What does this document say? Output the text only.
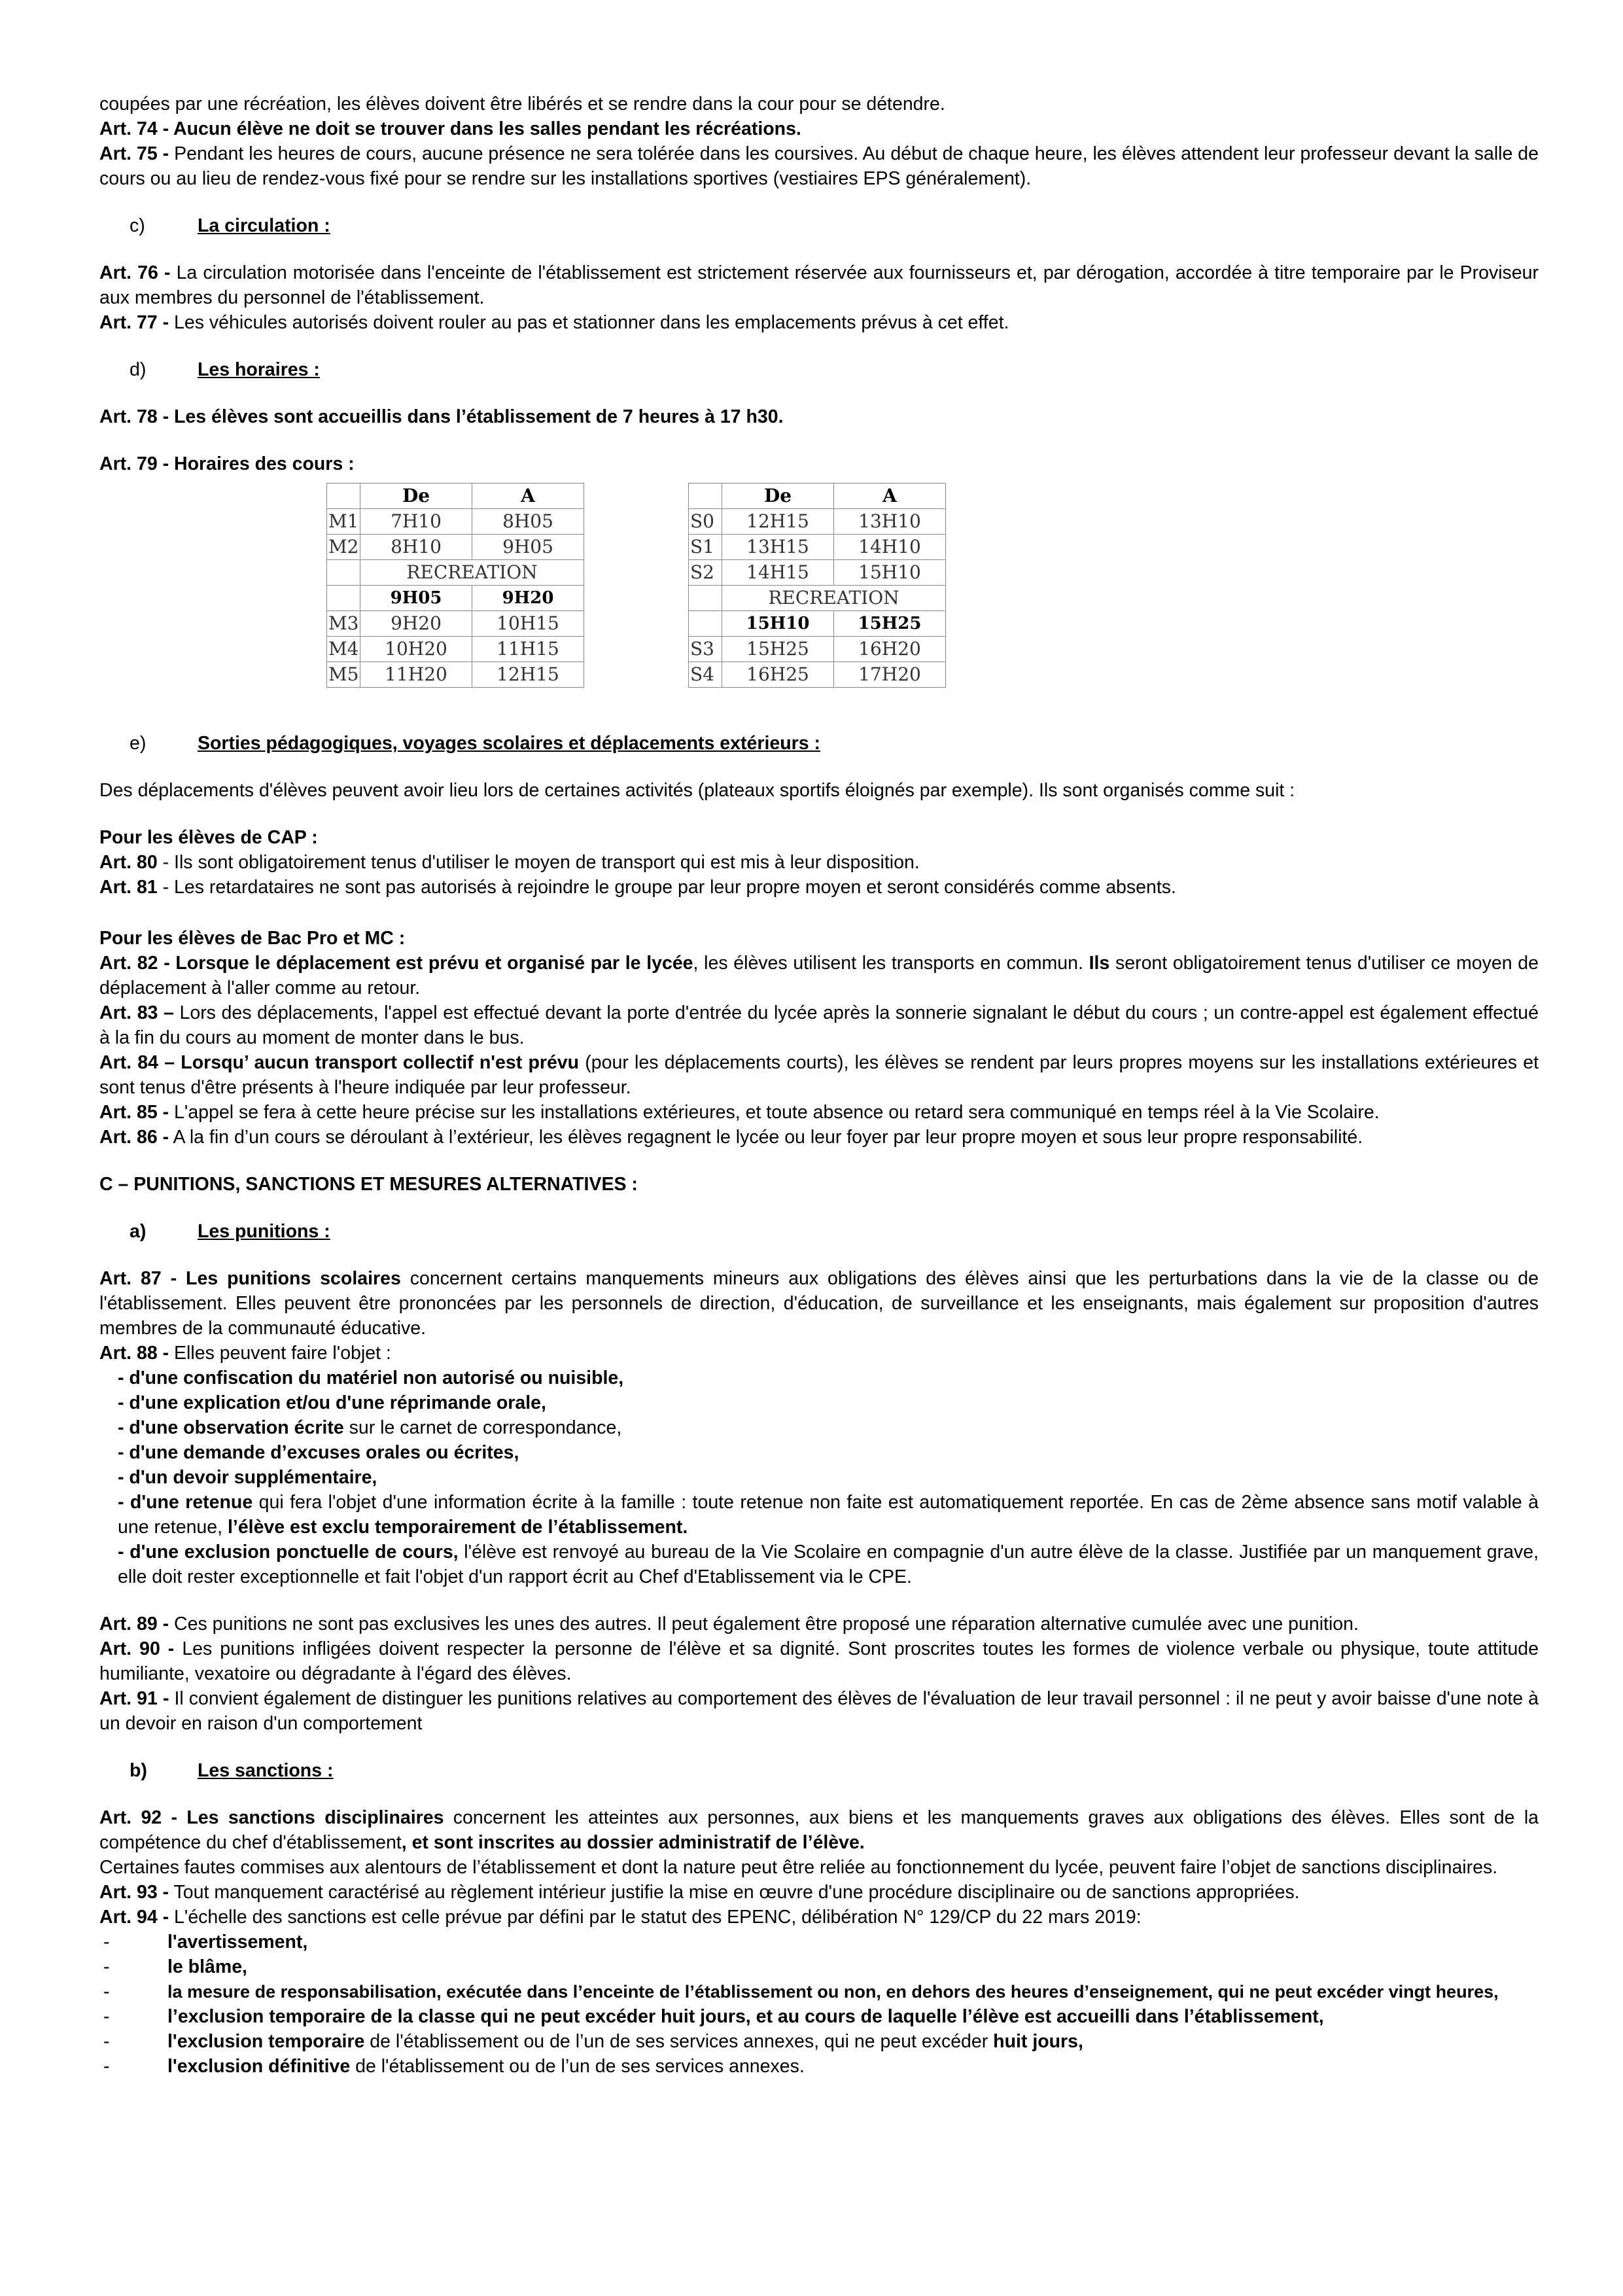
coupées par une récréation, les élèves doivent être libérés et se rendre dans la cour pour se détendre.

Art. 74 - Aucun élève ne doit se trouver dans les salles pendant les récréations.

Art. 75 - Pendant les heures de cours, aucune présence ne sera tolérée dans les coursives. Au début de chaque heure, les élèves attendent leur professeur devant la salle de cours ou au lieu de rendez-vous fixé pour se rendre sur les installations sportives (vestiaires EPS généralement).

c)	La circulation :

Art. 76 - La circulation motorisée dans l'enceinte de l'établissement est strictement réservée aux fournisseurs et, par dérogation, accordée à titre temporaire par le Proviseur aux membres du personnel de l'établissement.

Art. 77 - Les véhicules autorisés doivent rouler au pas et stationner dans les emplacements prévus à cet effet.

d)	Les horaires :

Art. 78 - Les élèves sont accueillis dans l’établissement de 7 heures à 17 h30.

Art. 79 - Horaires des cours :

	De	A
M1	7H10	8H05
M2	8H10	9H05
	RECREATION	
	9H05	9H20
M3	9H20	10H15
M4	10H20	11H15
M5	11H20	12H15
	De	A
S0	12H15	13H10
S1	13H15	14H10
S2	14H15	15H10
	RECREATION	
	15H10	15H25
S3	15H25	16H20
S4	16H25	17H20
e)	Sorties pédagogiques, voyages scolaires et déplacements extérieurs :

Des déplacements d'élèves peuvent avoir lieu lors de certaines activités (plateaux sportifs éloignés par exemple). Ils sont organisés comme suit :

Pour les élèves de CAP :

Art. 80 - Ils sont obligatoirement tenus d'utiliser le moyen de transport qui est mis à leur disposition.

Art. 81 - Les retardataires ne sont pas autorisés à rejoindre le groupe par leur propre moyen et seront considérés comme absents.

Pour les élèves de Bac Pro et MC :

Art. 82 - Lorsque le déplacement est prévu et organisé par le lycée, les élèves utilisent les transports en commun. Ils seront obligatoirement tenus d'utiliser ce moyen de déplacement à l'aller comme au retour.

Art. 83 – Lors des déplacements, l'appel est effectué devant la porte d'entrée du lycée après la sonnerie signalant le début du cours ; un contre-appel est également effectué à la fin du cours au moment de monter dans le bus.

Art. 84 – Lorsqu’ aucun transport collectif n'est prévu (pour les déplacements courts), les élèves se rendent par leurs propres moyens sur les installations extérieures et sont tenus d'être présents à l'heure indiquée par leur professeur.

Art. 85 - L'appel se fera à cette heure précise sur les installations extérieures, et toute absence ou retard sera communiqué en temps réel à la Vie Scolaire.

Art. 86 - A la fin d’un cours se déroulant à l’extérieur, les élèves regagnent le lycée ou leur foyer par leur propre moyen et sous leur propre responsabilité.

C – PUNITIONS, SANCTIONS ET MESURES ALTERNATIVES :

a)	Les punitions :

Art. 87 - Les punitions scolaires concernent certains manquements mineurs aux obligations des élèves ainsi que les perturbations dans la vie de la classe ou de l'établissement. Elles peuvent être prononcées par les personnels de direction, d'éducation, de surveillance et les enseignants, mais également sur proposition d'autres membres de la communauté éducative.

Art. 88 - Elles peuvent faire l'objet :

- d'une confiscation du matériel non autorisé ou nuisible,

- d'une explication et/ou d'une réprimande orale,

- d'une observation écrite sur le carnet de correspondance,

- d'une demande d’excuses orales ou écrites,

- d'un devoir supplémentaire,

- d'une retenue qui fera l'objet d'une information écrite à la famille : toute retenue non faite est automatiquement reportée. En cas de 2ème absence sans motif valable à une retenue, l’élève est exclu temporairement de l’établissement.

- d'une exclusion ponctuelle de cours, l'élève est renvoyé au bureau de la Vie Scolaire en compagnie d'un autre élève de la classe. Justifiée par un manquement grave, elle doit rester exceptionnelle et fait l'objet d'un rapport écrit au Chef d'Etablissement via le CPE.

Art. 89 - Ces punitions ne sont pas exclusives les unes des autres. Il peut également être proposé une réparation alternative cumulée avec une punition.

Art. 90 - Les punitions infligées doivent respecter la personne de l'élève et sa dignité. Sont proscrites toutes les formes de violence verbale ou physique, toute attitude humiliante, vexatoire ou dégradante à l'égard des élèves.

Art. 91 - Il convient également de distinguer les punitions relatives au comportement des élèves de l'évaluation de leur travail personnel : il ne peut y avoir baisse d'une note à un devoir en raison d'un comportement

b)	Les sanctions :

Art. 92 - Les sanctions disciplinaires concernent les atteintes aux personnes, aux biens et les manquements graves aux obligations des élèves. Elles sont de la compétence du chef d'établissement, et sont inscrites au dossier administratif de l’élève.

Certaines fautes commises aux alentours de l’établissement et dont la nature peut être reliée au fonctionnement du lycée, peuvent faire l’objet de sanctions disciplinaires.

Art. 93 - Tout manquement caractérisé au règlement intérieur justifie la mise en œuvre d'une procédure disciplinaire ou de sanctions appropriées.

Art. 94 - L'échelle des sanctions est celle prévue par défini par le statut des EPENC, délibération N° 129/CP du 22 mars 2019:

-	l'avertissement,
-	le blâme,
-	la mesure de responsabilisation, exécutée dans l’enceinte de l’établissement ou non, en dehors des heures d’enseignement, qui ne peut excéder vingt heures,
-	l’exclusion temporaire de la classe qui ne peut excéder huit jours, et au cours de laquelle l’élève est accueilli dans l’établissement,
-	l'exclusion temporaire de l'établissement ou de l’un de ses services annexes, qui ne peut excéder huit jours,
-	l'exclusion définitive de l'établissement ou de l’un de ses services annexes.
